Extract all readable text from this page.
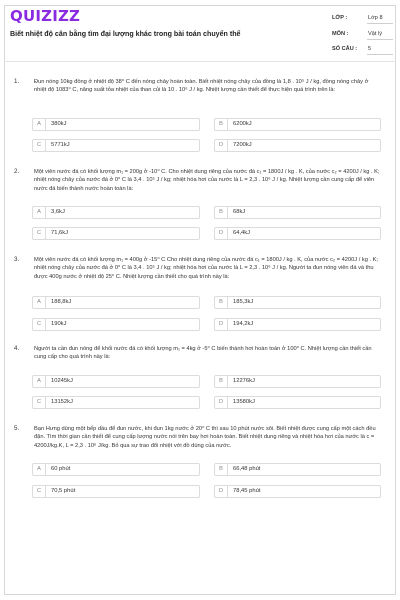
QUIZIZZ
Biết nhiệt độ cân bằng tìm đại lượng khác trong bài toán chuyển thể
LỚP :	Lớp 8
MÔN :	Vật lý
SỐ CÂU : 5
1.	Đun nóng 10kg đồng ở nhiệt độ 38⁰ C đến nóng chảy hoàn toàn. Biết nhiệt nóng chảy của đồng là 1,8 . 10⁵ J / kg, đồng nóng chảy ở nhiệt độ 1083⁰ C, nâng suất tỏa nhiệt của than củi là 10 . 10⁶ J / kg. Nhiệt lượng cần thiết để thực hiện quá trình trên là:
A	380kJ	B	6200kJ
C	5771kJ	D	7200kJ
2.	Một viên nước đá có khối lượng m₁ = 200g ở -10⁰ C. Cho nhiệt dung riêng của nước đá c₁ = 1800J / kg . K, của nước c₂ = 4200J / kg . K; nhiệt nóng chảy của nước đá ở 0⁰ C là 3,4 . 10⁵ J / kg; nhiệt hóa hơi của nước là L = 2,3 . 10⁶ J / kg. Nhiệt lượng cần cung cấp để viên nước đá biến thành nước hoàn toàn là:
A	3,6kJ	B	68kJ
C	71,6kJ	D	64,4kJ
3.	Một viên nước đá có khối lượng m₁ = 400g ở -15⁰ C Cho nhiệt dung riêng của nước đá c₁ = 1800J / kg . K, của nước c₂ = 4200J / kg . K; nhiệt nóng chảy của nước đá ở 0⁰ C là 3,4 . 10⁵ J / kg; nhiệt hóa hơi của nước là L = 2,3 . 10⁶ J / kg. Người ta đun nóng viên đá và thu được 400g nước ở nhiệt độ 25⁰ C. Nhiệt lượng cần thiết cho quá trình này là:
A	188,8kJ	B	185,3kJ
C	190kJ	D	194,2kJ
4.	Người ta cần đun nóng để khối nước đá có khối lượng m₁ = 4kg ở -5⁰ C biến thành hơi hoàn toàn ở 100⁰ C. Nhiệt lượng cần thiết cần cung cấp cho quá trình này là:
A	10245kJ	B	12276kJ
C	13152kJ	D	13580kJ
5.	Bạn Hưng dùng một bếp dầu để đun nước, khi đun 1kg nước ở 20⁰ C thì sau 10 phút nước sôi. Biết nhiệt được cung cấp một cách đều đặn. Tìm thời gian cần thiết để cung cấp lượng nước nói trên bay hơi hoàn toàn. Biết nhiệt dung riêng và nhiệt hóa hơi của nước là c = 4200J/kg.K, L = 2,3 . 10⁶ J/kg. Bỏ qua sự trao đổi nhiệt với đồ dùng của nước.
A	60 phút	B	66,48 phút
C	70,5 phút	D	78,45 phút
